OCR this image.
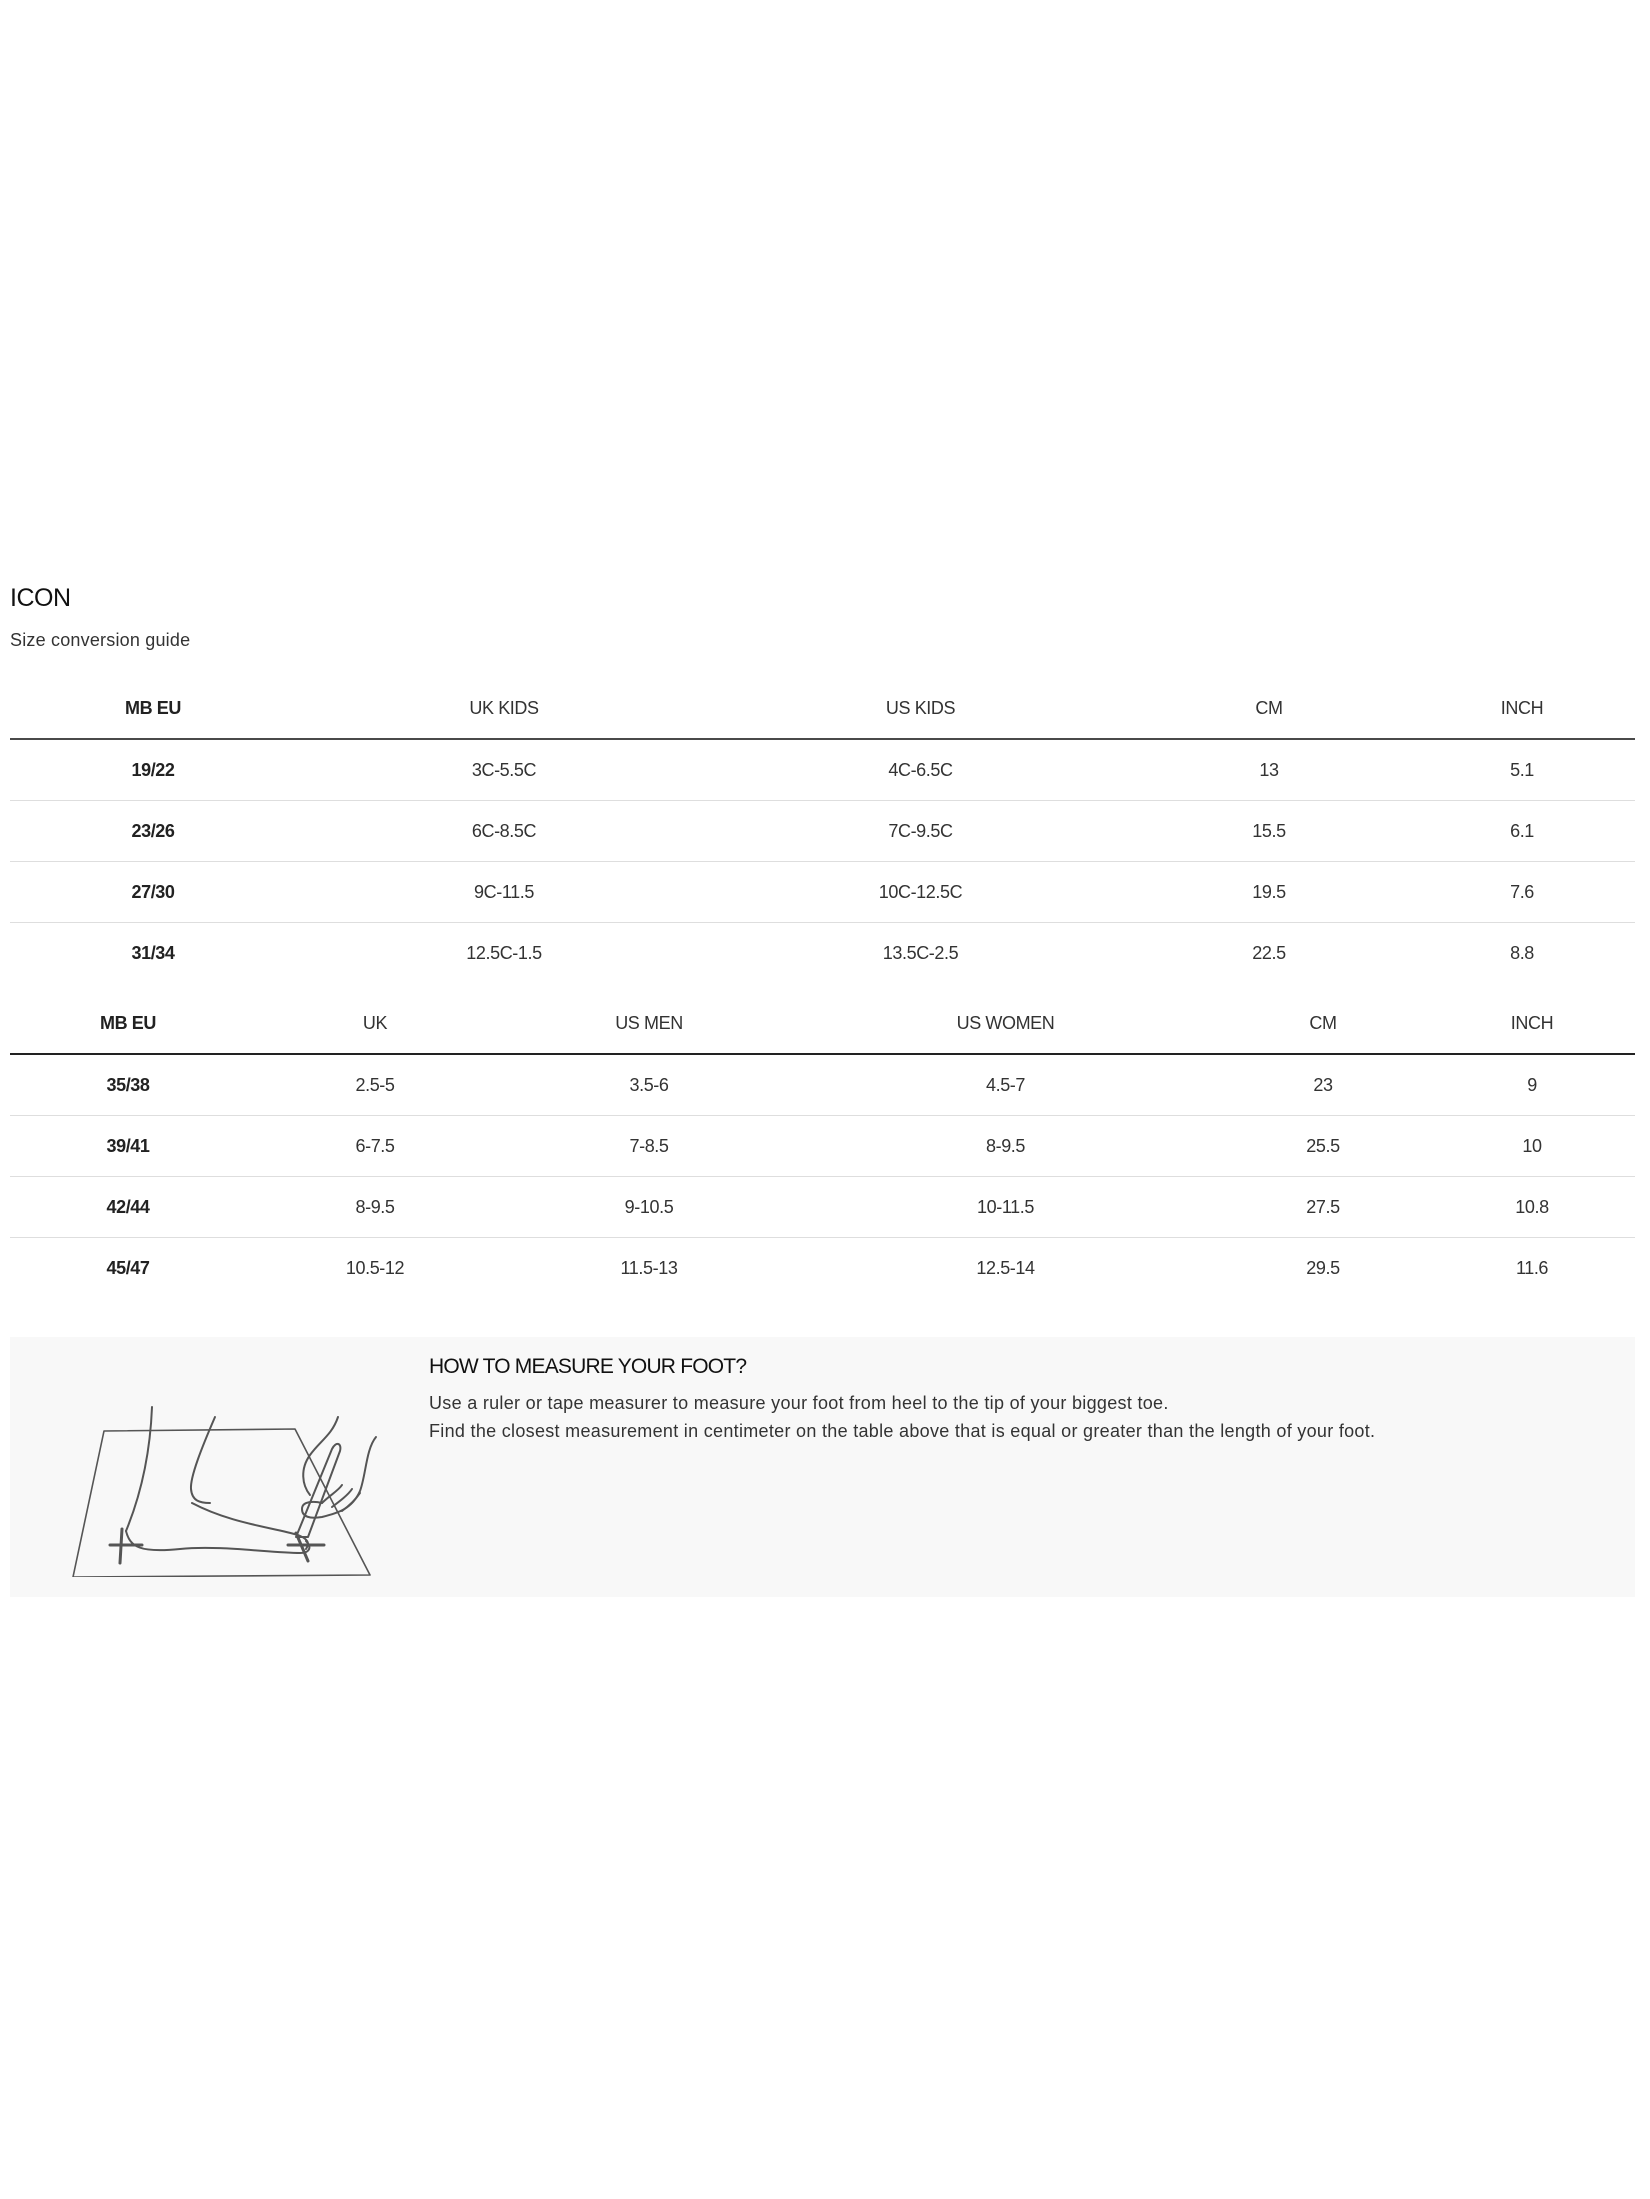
ICON
Size conversion guide
MB EU	UK KIDS	US KIDS	CM	INCH
19/22	3C-5.5C	4C-6.5C	13	5.1
23/26	6C-8.5C	7C-9.5C	15.5	6.1
27/30	9C-11.5	10C-12.5C	19.5	7.6
31/34	12.5C-1.5	13.5C-2.5	22.5	8.8
MB EU	UK	US MEN	US WOMEN	CM	INCH
35/38	2.5-5	3.5-6	4.5-7	23	9
39/41	6-7.5	7-8.5	8-9.5	25.5	10
42/44	8-9.5	9-10.5	10-11.5	27.5	10.8
45/47	10.5-12	11.5-13	12.5-14	29.5	11.6
HOW TO MEASURE YOUR FOOT?
Use a ruler or tape measurer to measure your foot from heel to the tip of your biggest toe.
Find the closest measurement in centimeter on the table above that is equal or greater than the length of your foot.
